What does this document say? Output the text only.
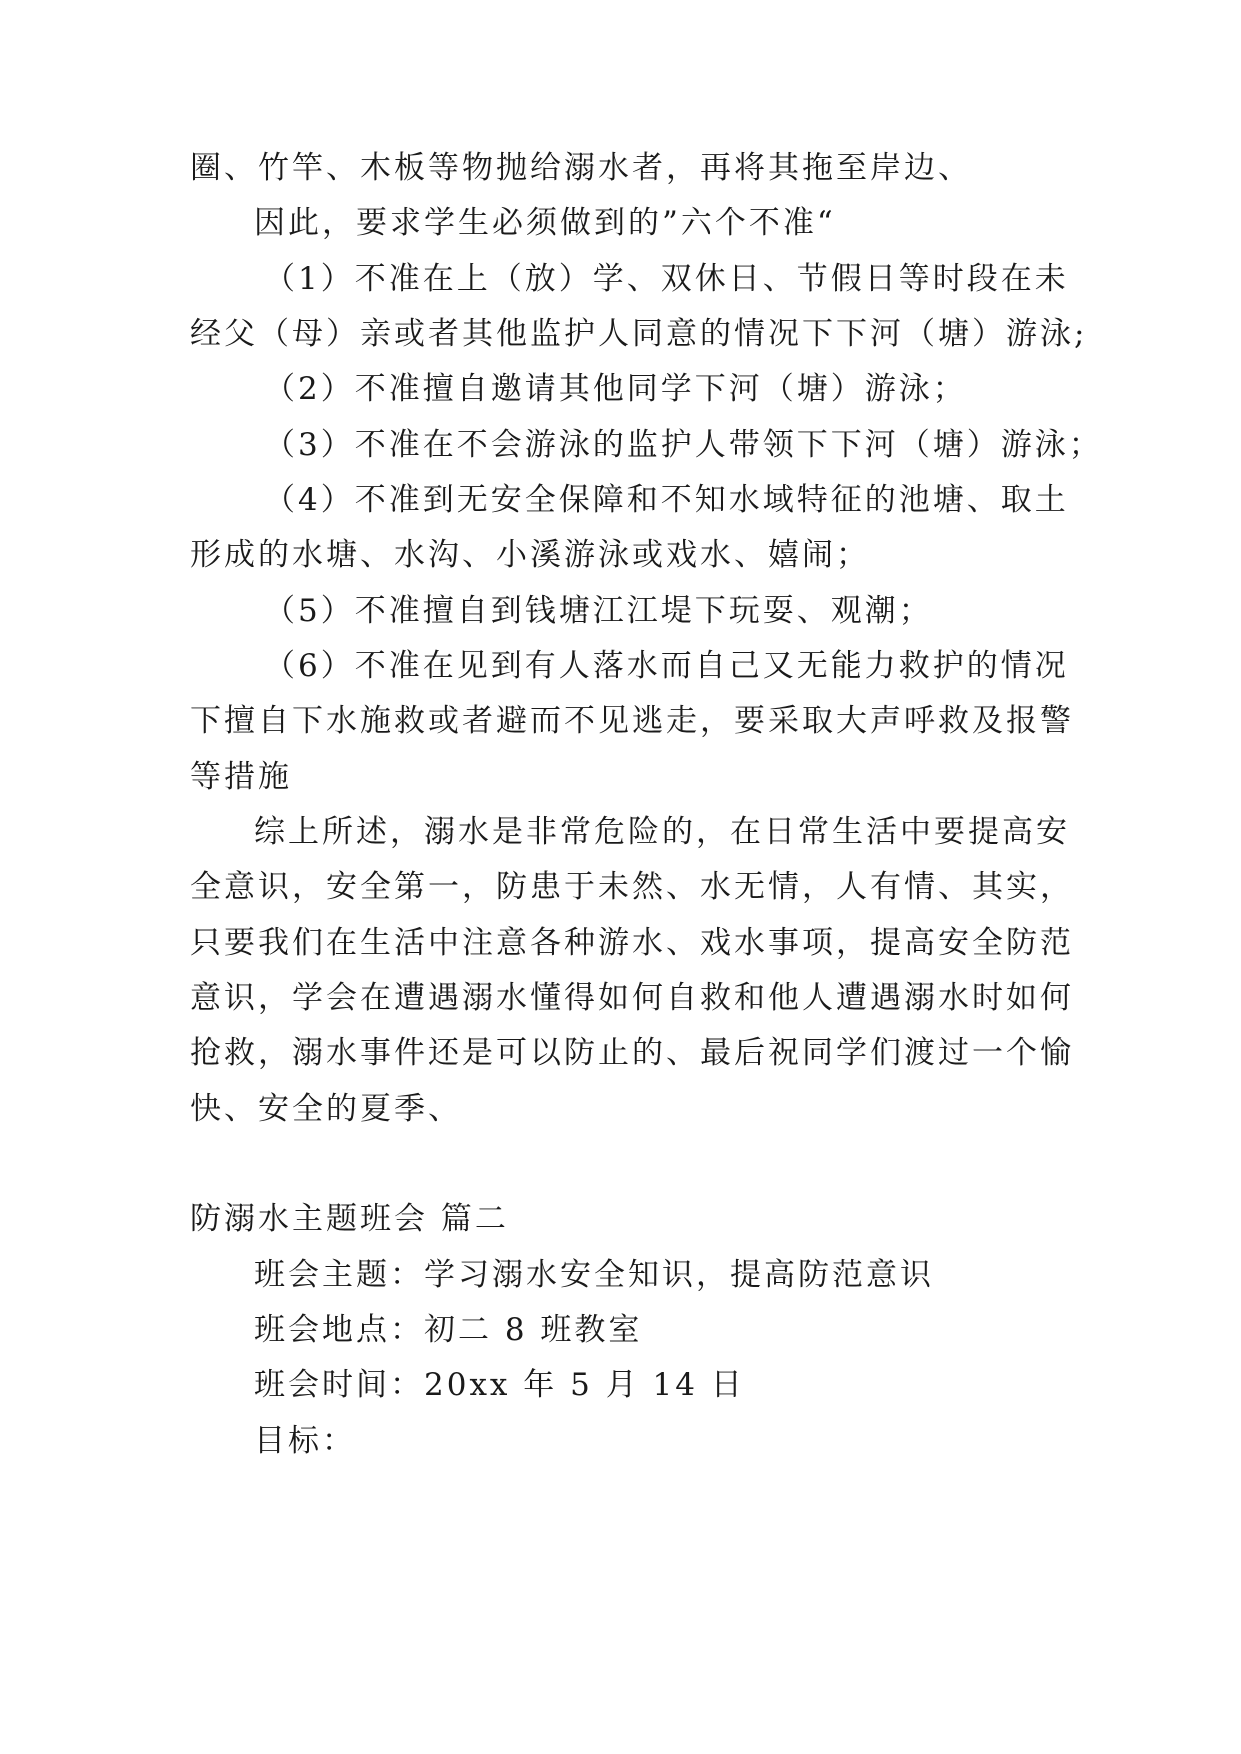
圈、竹竿、木板等物抛给溺水者，再将其拖至岸边、
因此，要求学生必须做到的”六个不准“
（1）不准在上（放）学、双休日、节假日等时段在未
经父（母）亲或者其他监护人同意的情况下下河（塘）游泳;
（2）不准擅自邀请其他同学下河（塘）游泳；
（3）不准在不会游泳的监护人带领下下河（塘）游泳；
（4）不准到无安全保障和不知水域特征的池塘、取土
形成的水塘、水沟、小溪游泳或戏水、嬉闹；
（5）不准擅自到钱塘江江堤下玩耍、观潮；
（6）不准在见到有人落水而自己又无能力救护的情况
下擅自下水施救或者避而不见逃走，要采取大声呼救及报警
等措施
综上所述，溺水是非常危险的，在日常生活中要提高安
全意识，安全第一，防患于未然、水无情，人有情、其实，
只要我们在生活中注意各种游水、戏水事项，提高安全防范
意识，学会在遭遇溺水懂得如何自救和他人遭遇溺水时如何
抢救，溺水事件还是可以防止的、最后祝同学们渡过一个愉
快、安全的夏季、
防溺水主题班会 篇二
班会主题：学习溺水安全知识，提高防范意识
班会地点：初二 8 班教室
班会时间：20xx 年 5 月 14 日
目标：
